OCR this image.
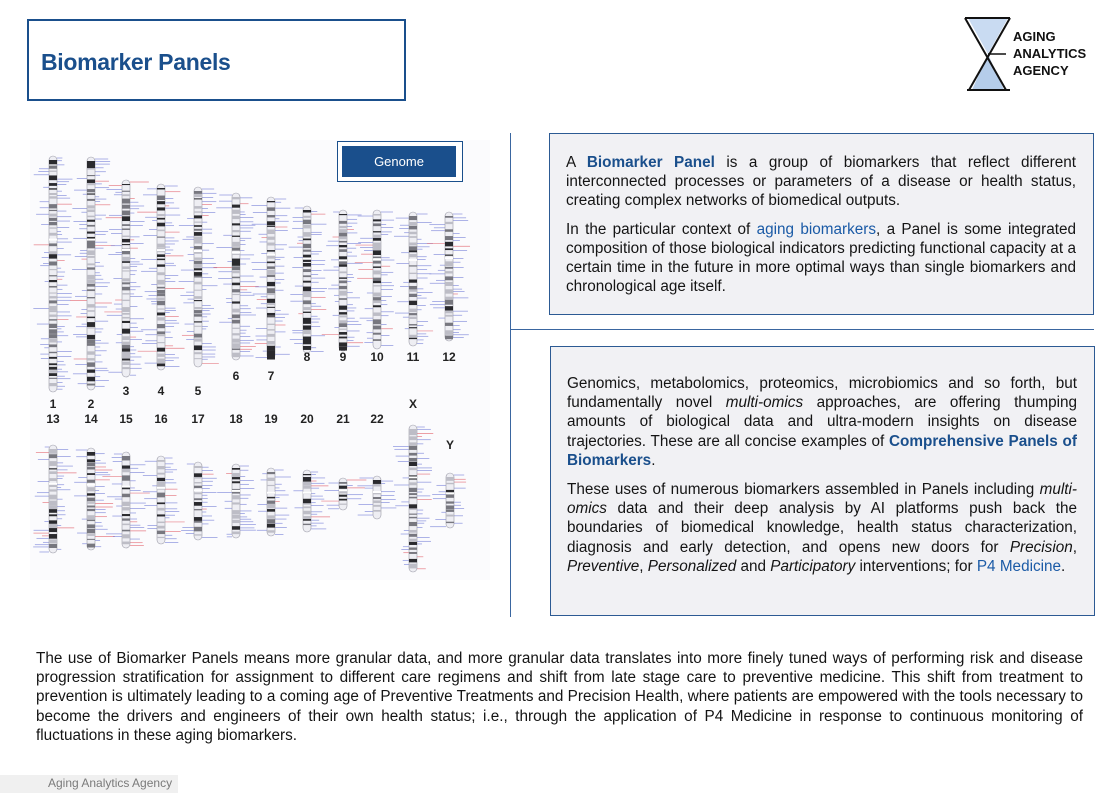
Biomarker Panels
AGING
ANALYTICS
AGENCY
1	2
3 4	5
6 7
8 9 10 11 12
13 14 15 16 17 18 19 20 21 22
X
Y
Genome	A Biomarker Panel is a group of biomarkers that reflect different interconnected processes or parameters of a disease or health status, creating complex networks of biomedical outputs.

In the particular context of aging biomarkers, a Panel is some integrated composition of those biological indicators predicting functional capacity at a certain time in the future in more optimal ways than single biomarkers and chronological age itself.

Genomics, metabolomics, proteomics, microbiomics and so forth, but fundamentally novel multi-omics approaches, are offering thumping amounts of biological data and ultra-modern insights on disease trajectories. These are all concise examples of Comprehensive Panels of Biomarkers.

These uses of numerous biomarkers assembled in Panels including multi-omics data and their deep analysis by AI platforms push back the boundaries of biomedical knowledge, health status characterization, diagnosis and early detection, and opens new doors for Precision, Preventive, Personalized and Participatory interventions; for P4 Medicine.

The use of Biomarker Panels means more granular data, and more granular data translates into more finely tuned ways of performing risk and disease progression stratification for assignment to different care regimens and shift from late stage care to preventive medicine. This shift from treatment to prevention is ultimately leading to a coming age of Preventive Treatments and Precision Health, where patients are empowered with the tools necessary to become the drivers and engineers of their own health status; i.e., through the application of P4 Medicine in response to continuous monitoring of fluctuations in these aging biomarkers.
Aging Analytics Agency
